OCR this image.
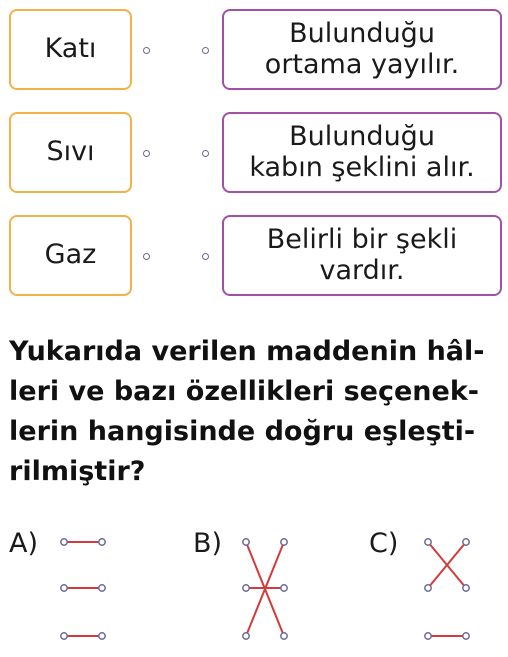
Katı
Sıvı
Gaz
Bulunduğu
ortama yayılır.
Bulunduğu
kabın şeklini alır.
Belirli bir şekli
vardır.
Yukarıda verilen maddenin hâl-
leri ve bazı özellikleri seçenek-
lerin hangisinde doğru eşleşti-
rilmiştir?
A)	B)	C)
